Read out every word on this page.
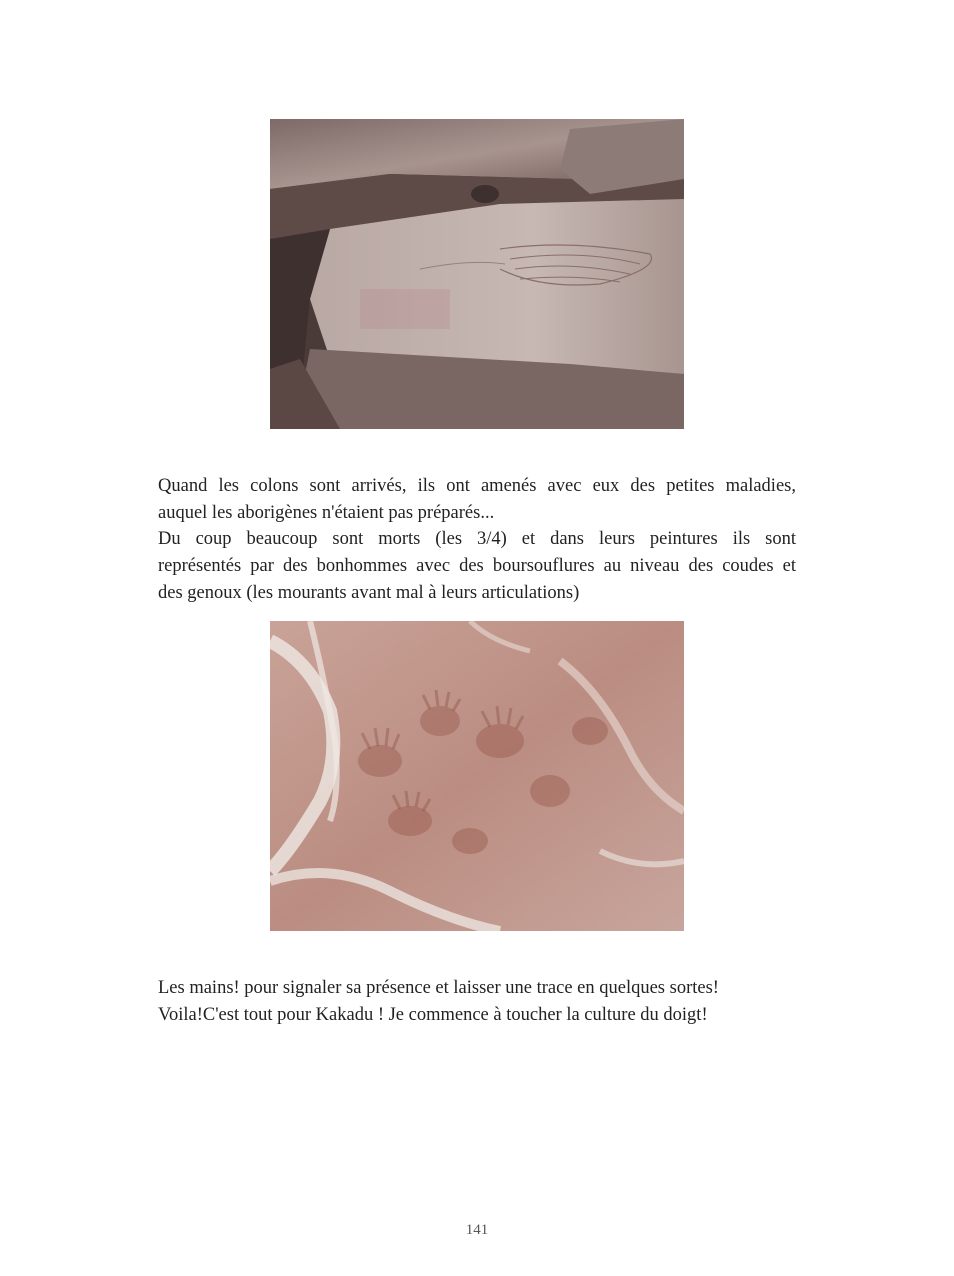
Quand les colons sont arrivés, ils ont amenés avec eux des petites maladies,
auquel les aborigènes n'étaient pas préparés...
Du coup beaucoup sont morts (les 3/4) et dans leurs peintures ils sont
représentés par des bonhommes avec des boursouflures au niveau des coudes et
des genoux (les mourants avant mal à leurs articulations)

Les mains! pour signaler sa présence et laisser une trace en quelques sortes!
Voila!C'est tout pour Kakadu ! Je commence à toucher la culture du doigt!

141
